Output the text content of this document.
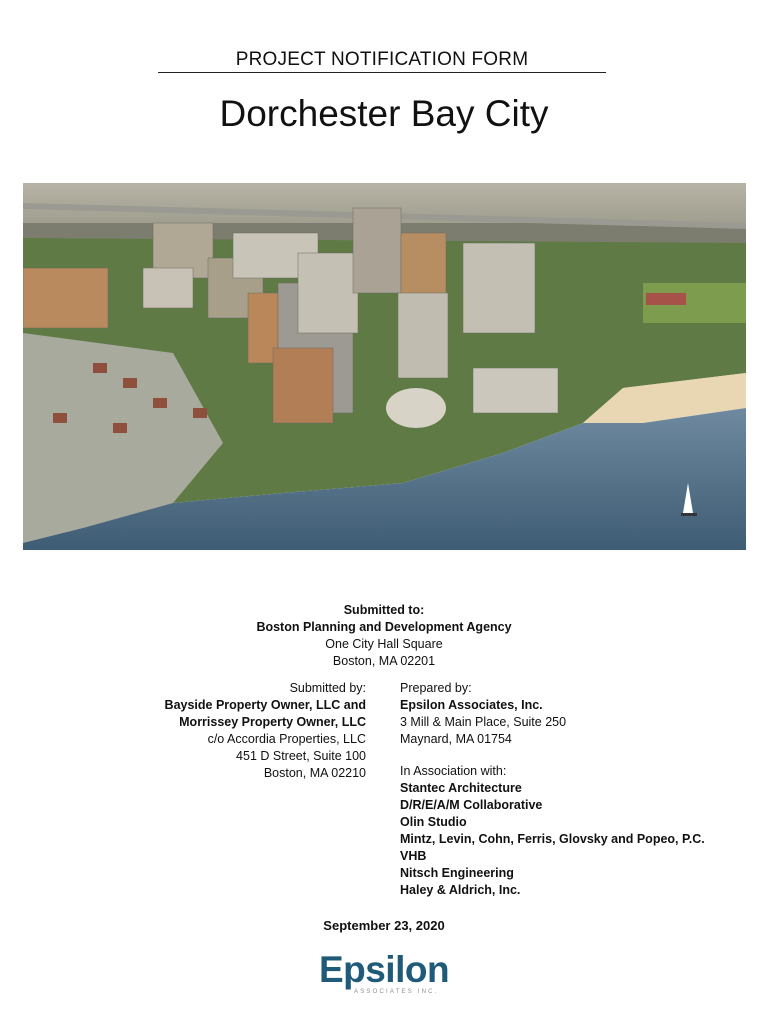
PROJECT NOTIFICATION FORM
Dorchester Bay City
Submitted to:
Boston Planning and Development Agency
One City Hall Square
Boston, MA 02201
Submitted by:
Bayside Property Owner, LLC and
Morrissey Property Owner, LLC
c/o Accordia Properties, LLC
451 D Street, Suite 100
Boston, MA 02210
Prepared by:
Epsilon Associates, Inc.
3 Mill & Main Place, Suite 250
Maynard, MA 01754
In Association with:
Stantec Architecture
D/R/E/A/M Collaborative
Olin Studio
Mintz, Levin, Cohn, Ferris, Glovsky and Popeo, P.C.
VHB
Nitsch Engineering
Haley & Aldrich, Inc.
September 23, 2020
Epsilon
ASSOCIATES INC.
